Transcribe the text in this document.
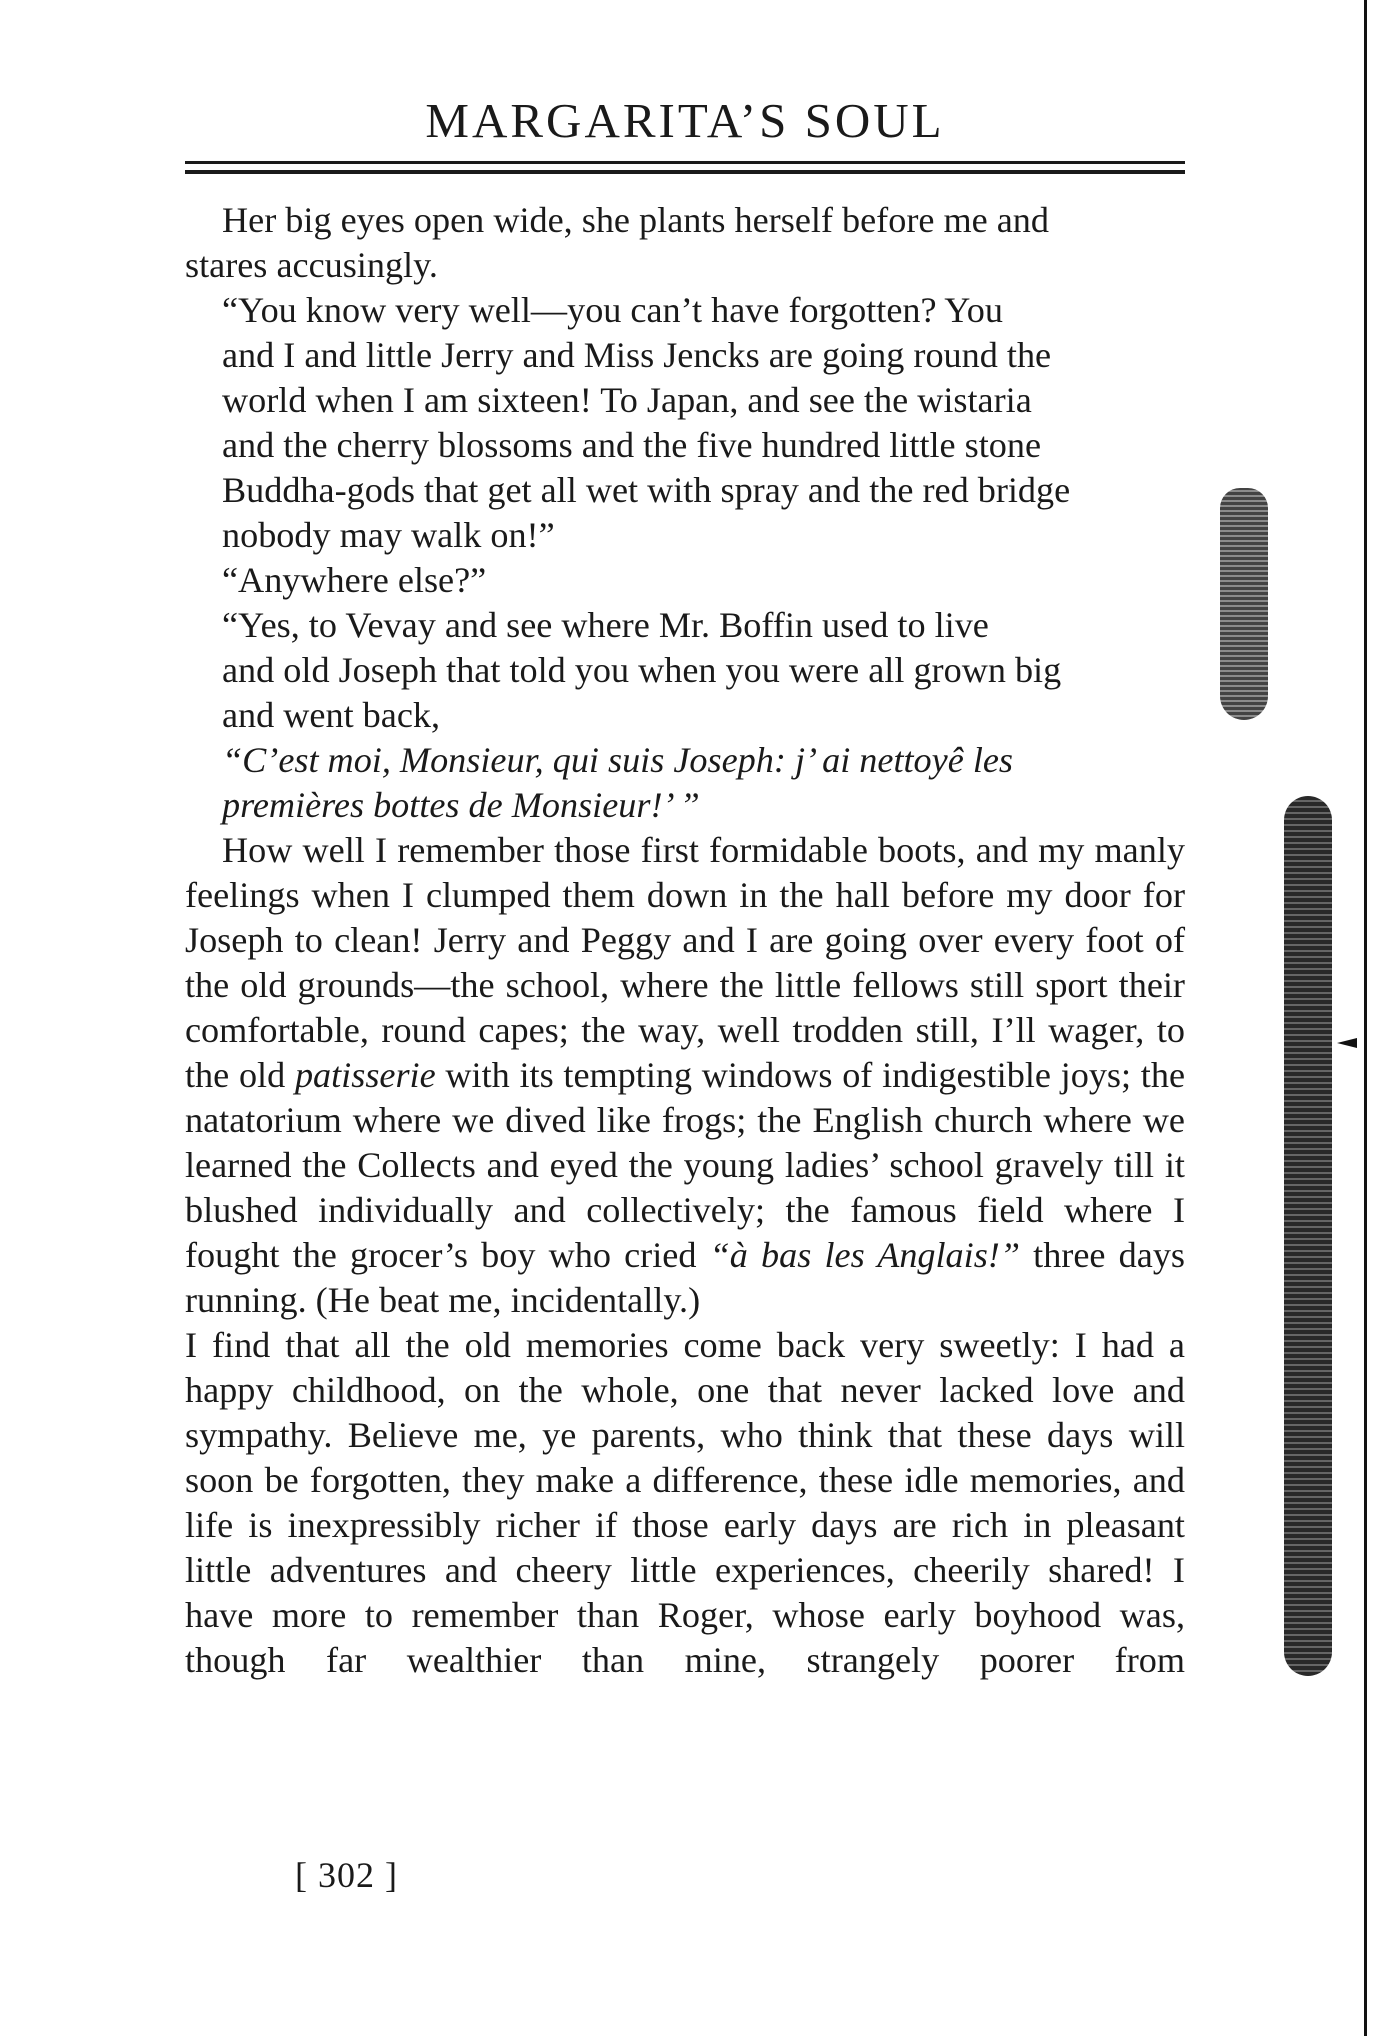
MARGARITA’S SOUL

Her big eyes open wide, she plants herself before me and
stares accusingly.

“You know very well—you can’t have forgotten? You
and I and little Jerry and Miss Jencks are going round the
world when I am sixteen! To Japan, and see the wistaria
and the cherry blossoms and the five hundred little stone
Buddha-gods that get all wet with spray and the red bridge
nobody may walk on!”

“Anywhere else?”

“Yes, to Vevay and see where Mr. Boffin used to live
and old Joseph that told you when you were all grown big
and went back,

“C’est moi, Monsieur, qui suis Joseph: j’ ai nettoyê les
premières bottes de Monsieur!’ ”

How well I remember those first formidable boots, and my manly feelings when I clumped them down in the hall before my door for Joseph to clean! Jerry and Peggy and I are going over every foot of the old grounds—the school, where the little fellows still sport their comfortable, round capes; the way, well trodden still, I’ll wager, to the old patisserie with its tempting windows of indigestible joys; the natatorium where we dived like frogs; the English church where we learned the Collects and eyed the young ladies’ school gravely till it blushed individually and collectively; the famous field where I fought the grocer’s boy who cried “à bas les Anglais!” three days running. (He beat me, incidentally.)

I find that all the old memories come back very sweetly: I had a happy childhood, on the whole, one that never lacked love and sympathy. Believe me, ye parents, who think that these days will soon be forgotten, they make a difference, these idle memories, and life is inexpressibly richer if those early days are rich in pleasant little adventures and cheery little experiences, cheerily shared! I have more to remember than Roger, whose early boyhood was, though far wealthier than mine, strangely poorer from

[ 302 ]
